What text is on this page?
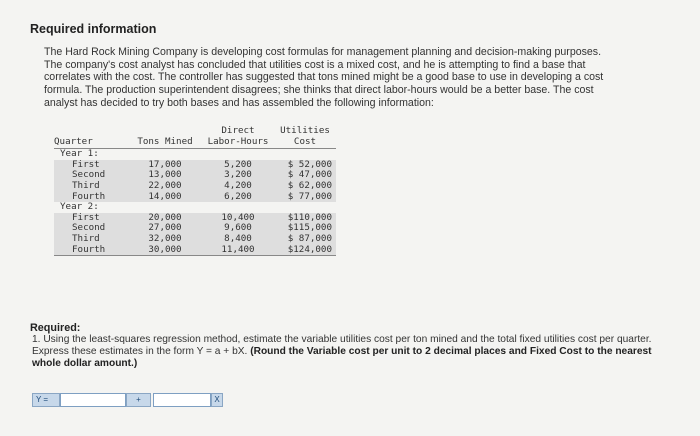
Required information
The Hard Rock Mining Company is developing cost formulas for management planning and decision-making purposes.
The company's cost analyst has concluded that utilities cost is a mixed cost, and he is attempting to find a base that
correlates with the cost. The controller has suggested that tons mined might be a good base to use in developing a cost
formula. The production superintendent disagrees; she thinks that direct labor-hours would be a better base. The cost
analyst has decided to try both bases and has assembled the following information:
		Direct	Utilities
Quarter	Tons Mined	Labor-Hours	Cost
Year 1:			
First	17,000	5,200	$ 52,000
Second	13,000	3,200	$ 47,000
Third	22,000	4,200	$ 62,000
Fourth	14,000	6,200	$ 77,000
Year 2:			
First	20,000	10,400	$110,000
Second	27,000	9,600	$115,000
Third	32,000	8,400	$ 87,000
Fourth	30,000	11,400	$124,000
Required:
1. Using the least-squares regression method, estimate the variable utilities cost per ton mined and the total fixed utilities cost per quarter. Express these estimates in the form Y = a + bX. (Round the Variable cost per unit to 2 decimal places and Fixed Cost to the nearest whole dollar amount.)
Y =	+	X
